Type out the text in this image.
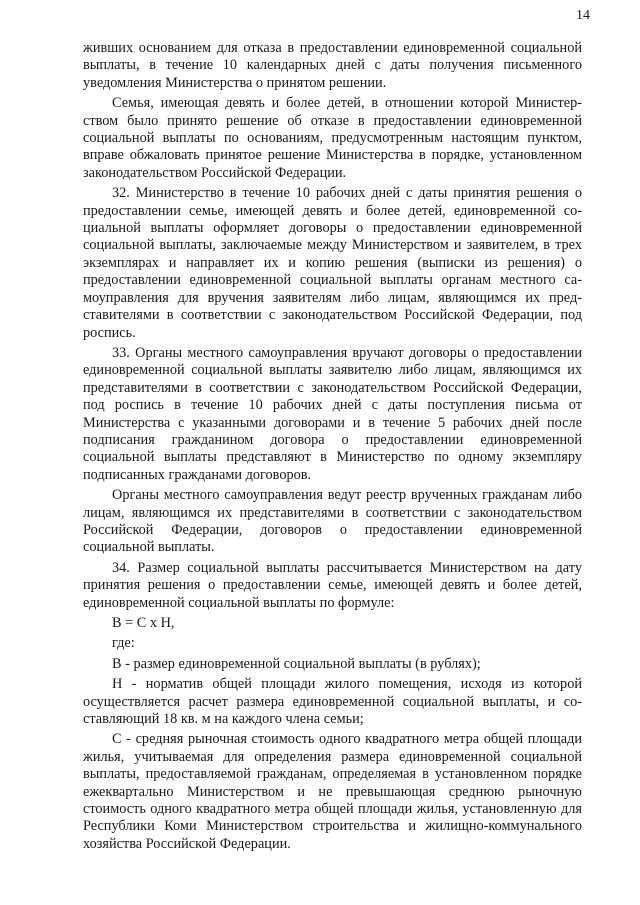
14

живших основанием для отказа в предоставлении единовременной социальной выплаты, в течение 10 календарных дней с даты получения письменного уведомления Министерства о принятом решении.

Семья, имеющая девять и более детей, в отношении которой Министерством было принято решение об отказе в предоставлении единовременной социальной выплаты по основаниям, предусмотренным настоящим пунктом, вправе обжаловать принятое решение Министерства в порядке, установленном законодательством Российской Федерации.

32. Министерство в течение 10 рабочих дней с даты принятия решения о предоставлении семье, имеющей девять и более детей, единовременной социальной выплаты оформляет договоры о предоставлении единовременной социальной выплаты, заключаемые между Министерством и заявителем, в трех экземплярах и направляет их и копию решения (выписки из решения) о предоставлении единовременной социальной выплаты органам местного самоуправления для вручения заявителям либо лицам, являющимся их представителями в соответствии с законодательством Российской Федерации, под роспись.

33. Органы местного самоуправления вручают договоры о предоставлении единовременной социальной выплаты заявителю либо лицам, являющимся их представителями в соответствии с законодательством Российской Федерации, под роспись в течение 10 рабочих дней с даты поступления письма от Министерства с указанными договорами и в течение 5 рабочих дней после подписания гражданином договора о предоставлении единовременной социальной выплаты представляют в Министерство по одному экземпляру подписанных гражданами договоров.

Органы местного самоуправления ведут реестр врученных гражданам либо лицам, являющимся их представителями в соответствии с законодательством Российской Федерации, договоров о предоставлении единовременной социальной выплаты.

34. Размер социальной выплаты рассчитывается Министерством на дату принятия решения о предоставлении семье, имеющей девять и более детей, единовременной социальной выплаты по формуле:

В = С х Н,

где:

В - размер единовременной социальной выплаты (в рублях);

Н - норматив общей площади жилого помещения, исходя из которой осуществляется расчет размера единовременной социальной выплаты, и составляющий 18 кв. м на каждого члена семьи;

С - средняя рыночная стоимость одного квадратного метра общей площади жилья, учитываемая для определения размера единовременной социальной выплаты, предоставляемой гражданам, определяемая в установленном порядке ежеквартально Министерством и не превышающая среднюю рыночную стоимость одного квадратного метра общей площади жилья, установленную для Республики Коми Министерством строительства и жилищно-коммунального хозяйства Российской Федерации.
